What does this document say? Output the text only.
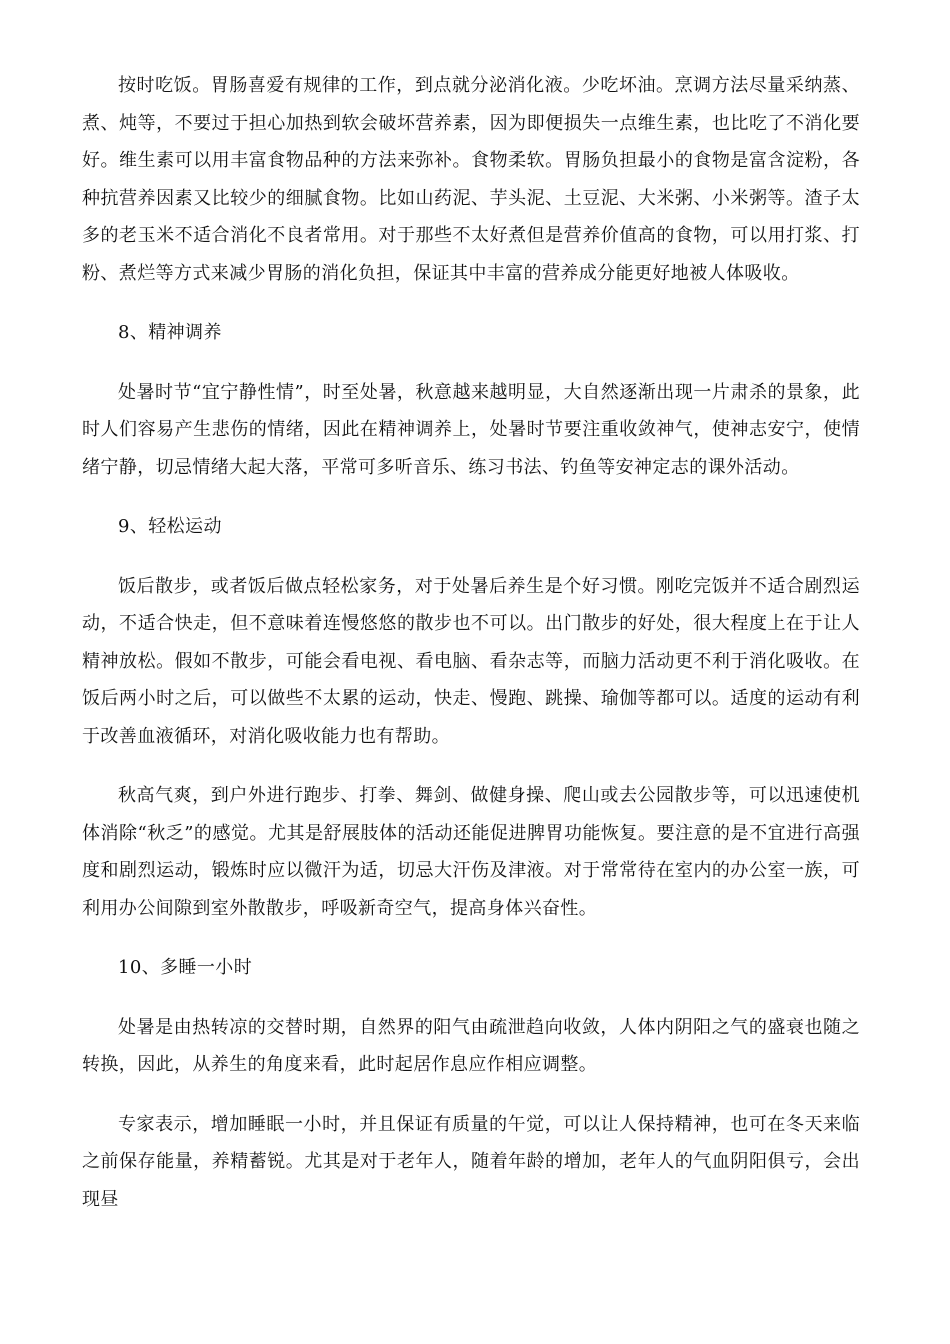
按时吃饭。胃肠喜爱有规律的工作，到点就分泌消化液。少吃坏油。烹调方法尽量采纳蒸、煮、炖等，不要过于担心加热到软会破坏营养素，因为即便损失一点维生素，也比吃了不消化要好。维生素可以用丰富食物品种的方法来弥补。食物柔软。胃肠负担最小的食物是富含淀粉，各种抗营养因素又比较少的细腻食物。比如山药泥、芋头泥、土豆泥、大米粥、小米粥等。渣子太多的老玉米不适合消化不良者常用。对于那些不太好煮但是营养价值高的食物，可以用打浆、打粉、煮烂等方式来减少胃肠的消化负担，保证其中丰富的营养成分能更好地被人体吸收。

8、精神调养

处暑时节“宜宁静性情”，时至处暑，秋意越来越明显，大自然逐渐出现一片肃杀的景象，此时人们容易产生悲伤的情绪，因此在精神调养上，处暑时节要注重收敛神气，使神志安宁，使情绪宁静，切忌情绪大起大落，平常可多听音乐、练习书法、钓鱼等安神定志的课外活动。

9、轻松运动

饭后散步，或者饭后做点轻松家务，对于处暑后养生是个好习惯。刚吃完饭并不适合剧烈运动，不适合快走，但不意味着连慢悠悠的散步也不可以。出门散步的好处，很大程度上在于让人精神放松。假如不散步，可能会看电视、看电脑、看杂志等，而脑力活动更不利于消化吸收。在饭后两小时之后，可以做些不太累的运动，快走、慢跑、跳操、瑜伽等都可以。适度的运动有利于改善血液循环，对消化吸收能力也有帮助。

秋高气爽，到户外进行跑步、打拳、舞剑、做健身操、爬山或去公园散步等，可以迅速使机体消除“秋乏”的感觉。尤其是舒展肢体的活动还能促进脾胃功能恢复。要注意的是不宜进行高强度和剧烈运动，锻炼时应以微汗为适，切忌大汗伤及津液。对于常常待在室内的办公室一族，可利用办公间隙到室外散散步，呼吸新奇空气，提高身体兴奋性。

10、多睡一小时

处暑是由热转凉的交替时期，自然界的阳气由疏泄趋向收敛，人体内阴阳之气的盛衰也随之转换，因此，从养生的角度来看，此时起居作息应作相应调整。

专家表示，增加睡眠一小时，并且保证有质量的午觉，可以让人保持精神，也可在冬天来临之前保存能量，养精蓄锐。尤其是对于老年人，随着年龄的增加，老年人的气血阴阳俱亏，会出现昼
